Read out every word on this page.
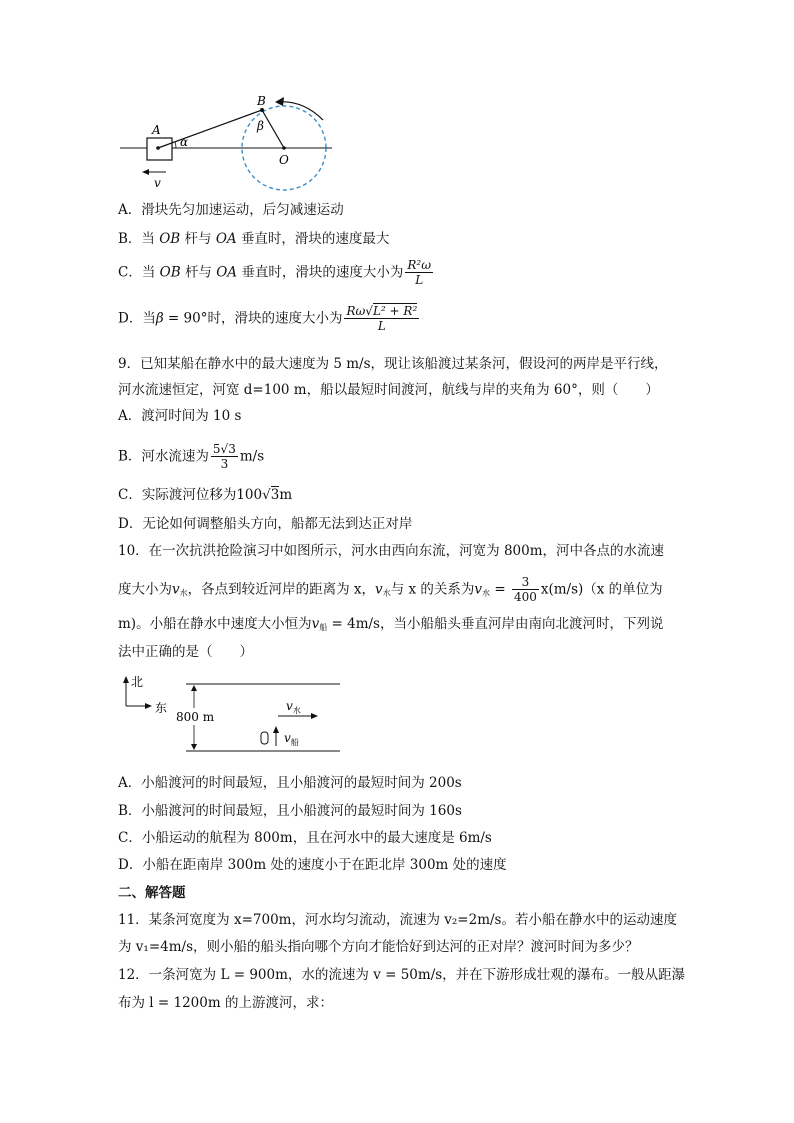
A
B
O
α
β
v
A．滑块先匀加速运动，后匀减速运动
B．当 OB 杆与 OA 垂直时，滑块的速度最大
C．当 OB 杆与 OA 垂直时，滑块的速度大小为 $\frac{\text{R²ω}}{L}$
D．当β = 90°时，滑块的速度大小为 $\frac{\text{Rω√L² + R²}}{L}$
9．已知某船在静水中的最大速度为 5 m/s，现让该船渡过某条河，假设河的两岸是平行线，
河水流速恒定，河宽 d=100 m，船以最短时间渡河，航线与岸的夹角为 60°，则（　　）
A．渡河时间为 10 s
B．河水流速为 $\frac{5√3}{3} m/s$
C．实际渡河位移为100√3m
D．无论如何调整船头方向，船都无法到达正对岸
10．在一次抗洪抢险演习中如图所示，河水由西向东流，河宽为 800m，河中各点的水流速
度大小为$v_水$，各点到较近河岸的距离为 x，$v_水$与 x 的关系为$v_水 = \frac{3}{400} x(m/s)(x$ 的单位为
m)。小船在静水中速度大小恒为$v_船 = 4m/s$，当小船船头垂直河岸由南向北渡河时，下列说
法中正确的是（　　）
北
东
800 m
$v_水$
$v_船$
A．小船渡河的时间最短，且小船渡河的最短时间为 200s
B．小船渡河的时间最短，且小船渡河的最短时间为 160s
C．小船运动的航程为 800m，且在河水中的最大速度是 6m/s
D．小船在距南岸 300m 处的速度小于在距北岸 300m 处的速度
二、解答题
11．某条河宽度为 x=700m，河水均匀流动，流速为 v₂=2m/s。若小船在静水中的运动速度
为 v₁=4m/s，则小船的船头指向哪个方向才能恰好到达河的正对岸？渡河时间为多少？
12．一条河宽为 L = 900m，水的流速为 v = 50m/s，并在下游形成壮观的瀑布。一般从距瀑
布为 l = 1200m 的上游渡河，求：
